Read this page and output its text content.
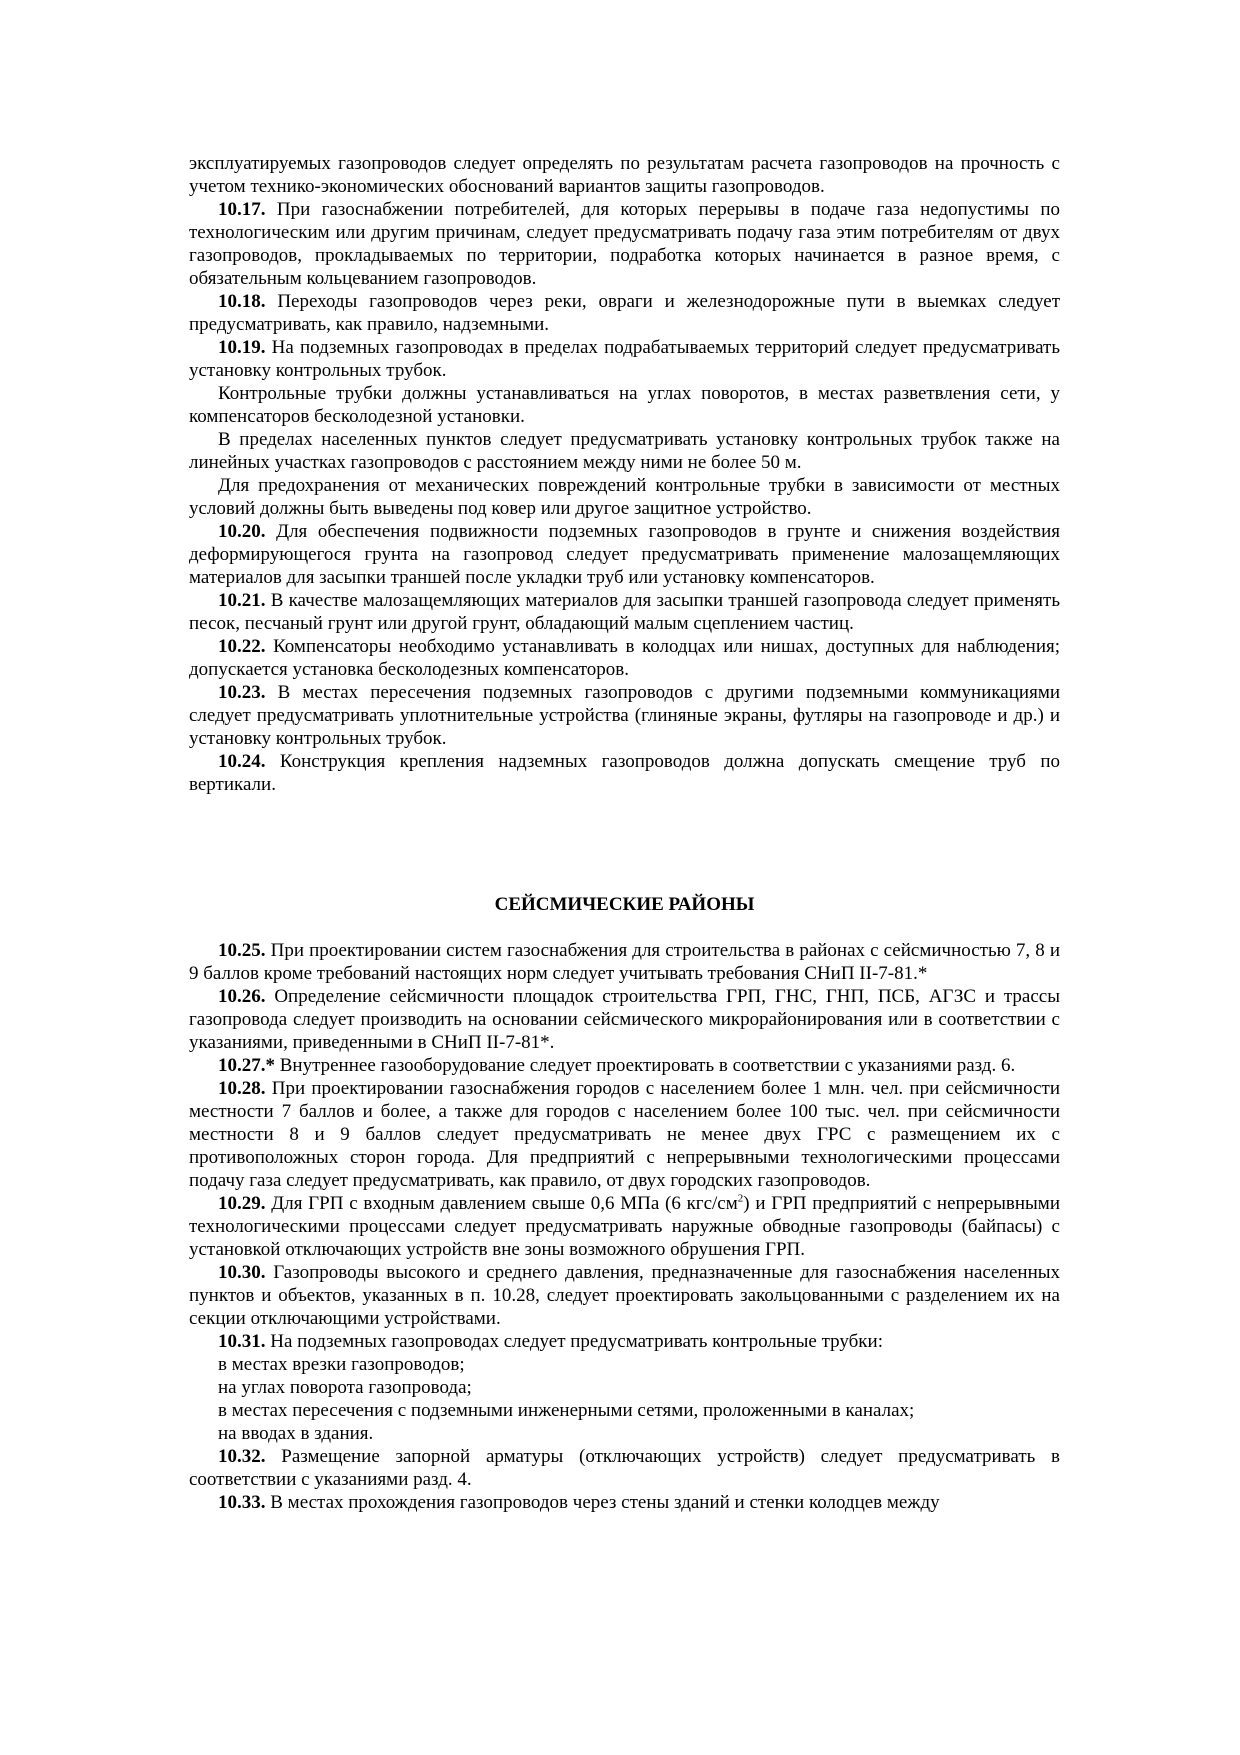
эксплуатируемых газопроводов следует определять по результатам расчета газопроводов на прочность с учетом технико-экономических обоснований вариантов защиты газопроводов.

10.17. При газоснабжении потребителей, для которых перерывы в подаче газа недопустимы по технологическим или другим причинам, следует предусматривать подачу газа этим потребителям от двух газопроводов, прокладываемых по территории, подработка которых начинается в разное время, с обязательным кольцеванием газопроводов.

10.18. Переходы газопроводов через реки, овраги и железнодорожные пути в выемках следует предусматривать, как правило, надземными.

10.19. На подземных газопроводах в пределах подрабатываемых территорий следует предусматривать установку контрольных трубок.

Контрольные трубки должны устанавливаться на углах поворотов, в местах разветвления сети, у компенсаторов бесколодезной установки.

В пределах населенных пунктов следует предусматривать установку контрольных трубок также на линейных участках газопроводов с расстоянием между ними не более 50 м.

Для предохранения от механических повреждений контрольные трубки в зависимости от местных условий должны быть выведены под ковер или другое защитное устройство.

10.20. Для обеспечения подвижности подземных газопроводов в грунте и снижения воздействия деформирующегося грунта на газопровод следует предусматривать применение малозащемляющих материалов для засыпки траншей после укладки труб или установку компенсаторов.

10.21. В качестве малозащемляющих материалов для засыпки траншей газопровода следует применять песок, песчаный грунт или другой грунт, обладающий малым сцеплением частиц.

10.22. Компенсаторы необходимо устанавливать в колодцах или нишах, доступных для наблюдения; допускается установка бесколодезных компенсаторов.

10.23. В местах пересечения подземных газопроводов с другими подземными коммуникациями следует предусматривать уплотнительные устройства (глиняные экраны, футляры на газопроводе и др.) и установку контрольных трубок.

10.24. Конструкция крепления надземных газопроводов должна допускать смещение труб по вертикали.

СЕЙСМИЧЕСКИЕ РАЙОНЫ

10.25. При проектировании систем газоснабжения для строительства в районах с сейсмичностью 7, 8 и 9 баллов кроме требований настоящих норм следует учитывать требования СНиП II-7-81.*

10.26. Определение сейсмичности площадок строительства ГРП, ГНС, ГНП, ПСБ, АГЗС и трассы газопровода следует производить на основании сейсмического микрорайонирования или в соответствии с указаниями, приведенными в СНиП II-7-81*.

10.27.* Внутреннее газооборудование следует проектировать в соответствии с указаниями разд. 6.

10.28. При проектировании газоснабжения городов с населением более 1 млн. чел. при сейсмичности местности 7 баллов и более, а также для городов с населением более 100 тыс. чел. при сейсмичности местности 8 и 9 баллов следует предусматривать не менее двух ГРС с размещением их с противоположных сторон города. Для предприятий с непрерывными технологическими процессами подачу газа следует предусматривать, как правило, от двух городских газопроводов.

10.29. Для ГРП с входным давлением свыше 0,6 МПа (6 кгс/$см^2$) и ГРП предприятий с непрерывными технологическими процессами следует предусматривать наружные обводные газопроводы (байпасы) с установкой отключающих устройств вне зоны возможного обрушения ГРП.

10.30. Газопроводы высокого и среднего давления, предназначенные для газоснабжения населенных пунктов и объектов, указанных в п. 10.28, следует проектировать закольцованными с разделением их на секции отключающими устройствами.

10.31. На подземных газопроводах следует предусматривать контрольные трубки:

в местах врезки газопроводов;

на углах поворота газопровода;

в местах пересечения с подземными инженерными сетями, проложенными в каналах;

на вводах в здания.

10.32. Размещение запорной арматуры (отключающих устройств) следует предусматривать в соответствии с указаниями разд. 4.

10.33. В местах прохождения газопроводов через стены зданий и стенки колодцев между
